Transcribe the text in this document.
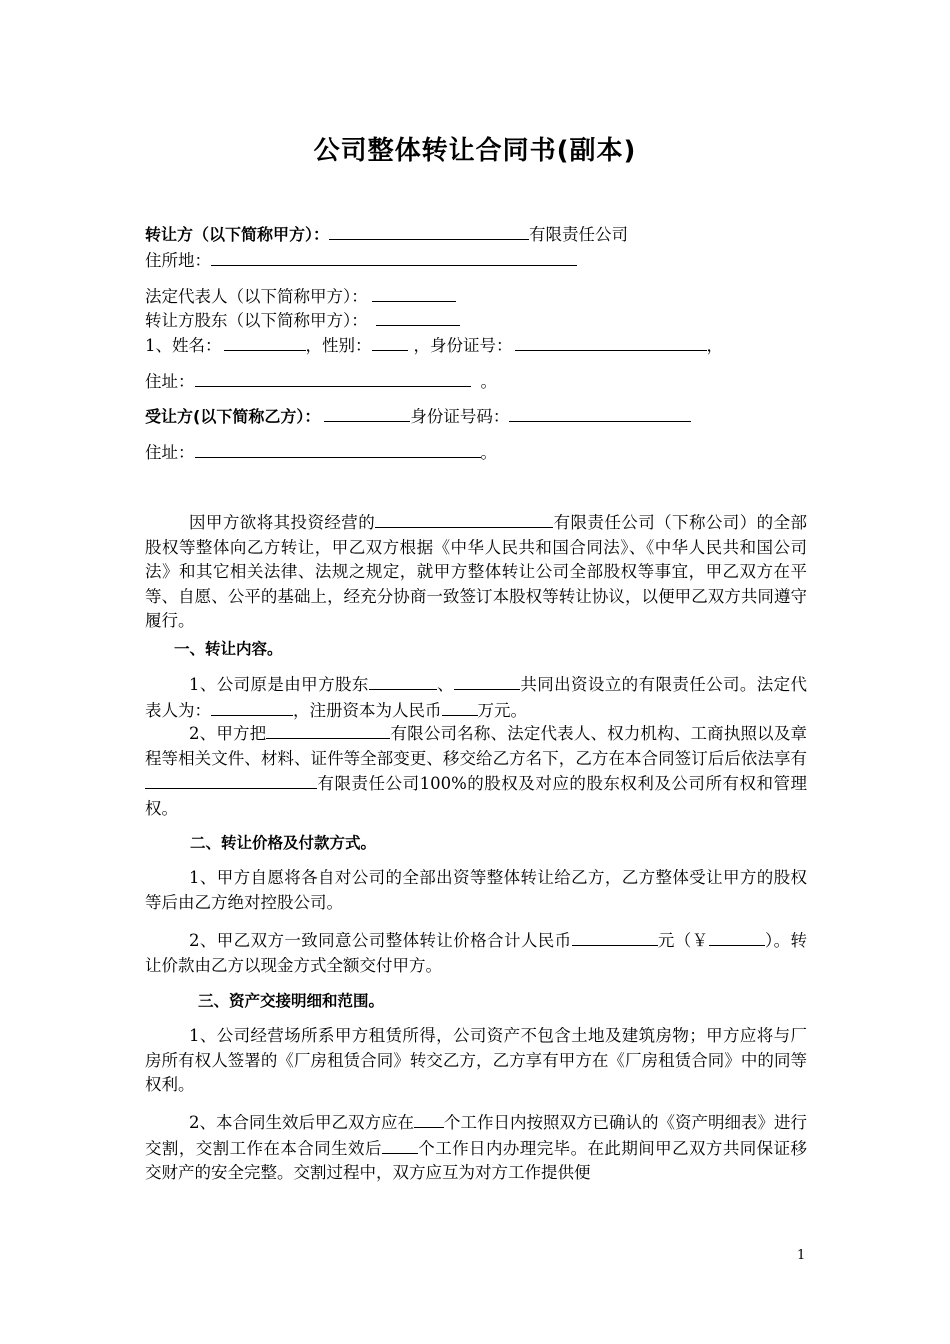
公司整体转让合同书(副本)
转让方（以下简称甲方）：	有限责任公司
住所地：
法定代表人（以下简称甲方）：
转让方股东（以下简称甲方）：
1、姓名：	，性别：	，身份证号：	，
住址：	。
受让方(以下简称乙方）：	身份证号码：
住址：	。
因甲方欲将其投资经营的	有限责任公司（下称公司）的全部股权等整体向乙方转让，甲乙双方根据《中华人民共和国合同法》、《中华人民共和国公司法》和其它相关法律、法规之规定，就甲方整体转让公司全部股权等事宜，甲乙双方在平等、自愿、公平的基础上，经充分协商一致签订本股权等转让协议，以便甲乙双方共同遵守履行。
一、转让内容。
1、公司原是由甲方股东	、	共同出资设立的有限责任公司。法定代表人为：	，注册资本为人民币 万元。
2、甲方把	有限公司名称、法定代表人、权力机构、工商执照以及章程等相关文件、材料、证件等全部变更、移交给乙方名下，乙方在本合同签订后后依法享有有限责任公司100%的股权及对应的股东权利及公司所有权和管理权。
二、转让价格及付款方式。
1、甲方自愿将各自对公司的全部出资等整体转让给乙方，乙方整体受让甲方的股权等后由乙方绝对控股公司。
2、甲乙双方一致同意公司整体转让价格合计人民币	元（￥	）。转让价款由乙方以现金方式全额交付甲方。
三、资产交接明细和范围。
1、公司经营场所系甲方租赁所得，公司资产不包含土地及建筑房物；甲方应将与厂房所有权人签署的《厂房租赁合同》转交乙方，乙方享有甲方在《厂房租赁合同》中的同等权利。
2、本合同生效后甲乙双方应在 个工作日内按照双方已确认的《资产明细表》进行交割，交割工作在本合同生效后 个工作日内办理完毕。在此期间甲乙双方共同保证移交财产的安全完整。交割过程中，双方应互为对方工作提供便
1
